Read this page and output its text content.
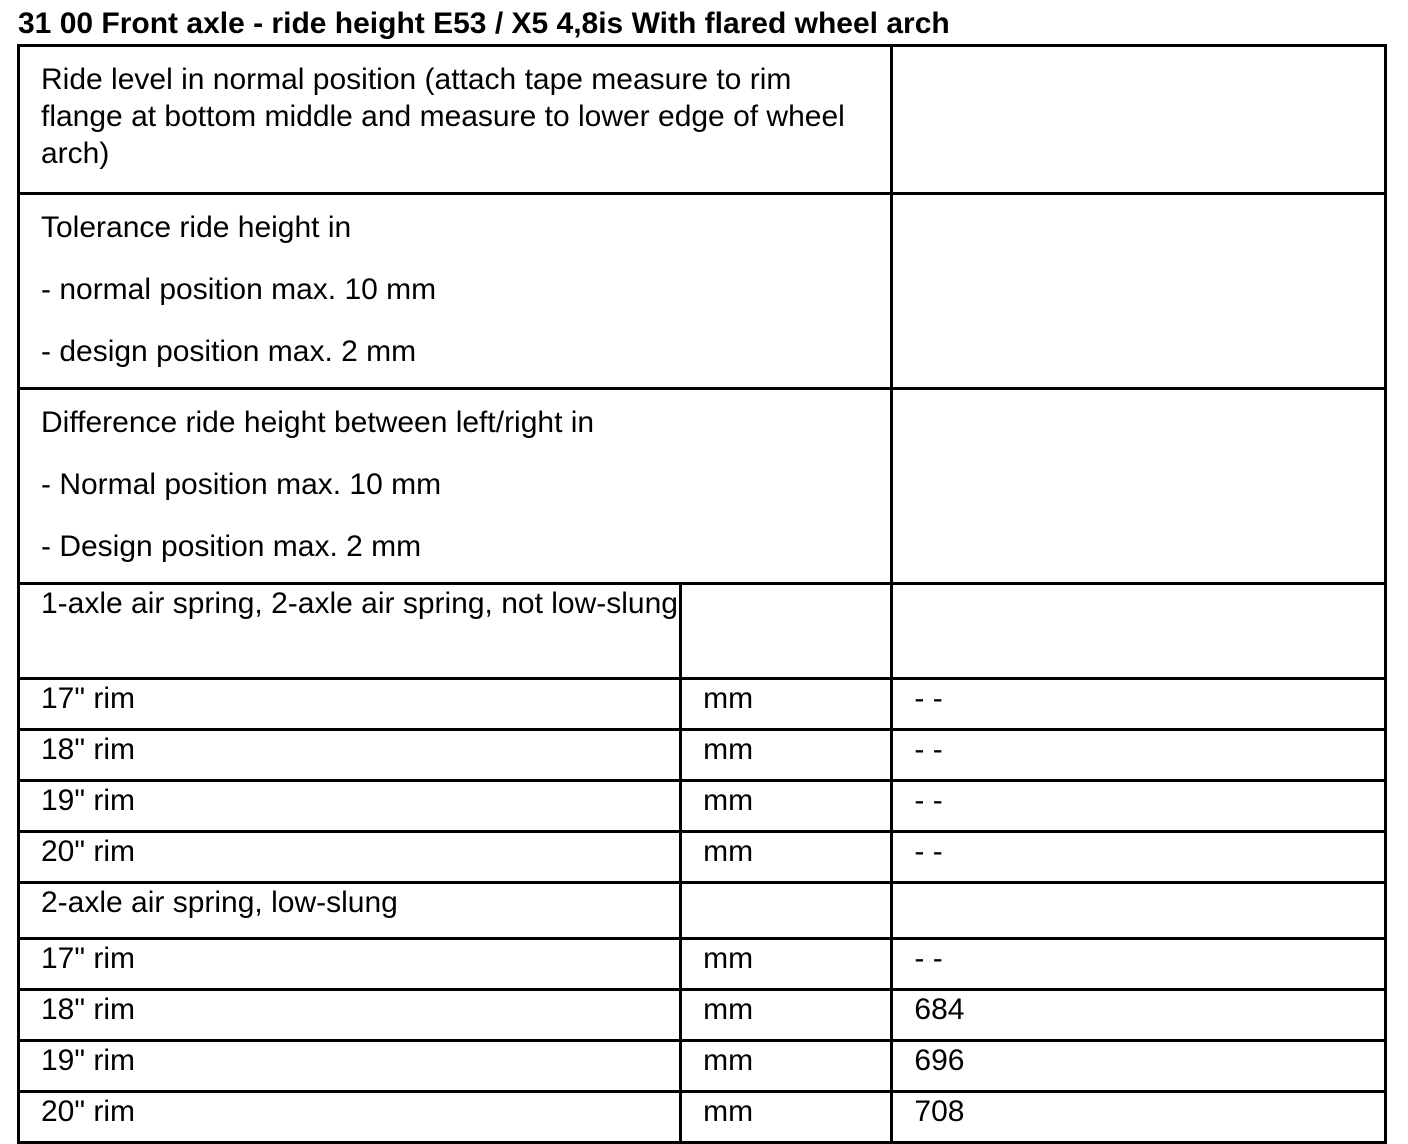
31 00 Front axle - ride height E53 / X5 4,8is With flared wheel arch

Ride level in normal position (attach tape measure to rim flange at bottom middle and measure to lower edge of wheel arch)		

Tolerance ride height in

- normal position max. 10 mm

- design position max. 2 mm		

Difference ride height between left/right in

- Normal position max. 10 mm

- Design position max. 2 mm		

1-axle air spring, 2-axle air spring, not low-slung		
17" rim	mm	- -
18" rim	mm	- -
19" rim	mm	- -
20" rim	mm	- -
2-axle air spring, low-slung		
17" rim	mm	- -
18" rim	mm	684
19" rim	mm	696
20" rim	mm	708
